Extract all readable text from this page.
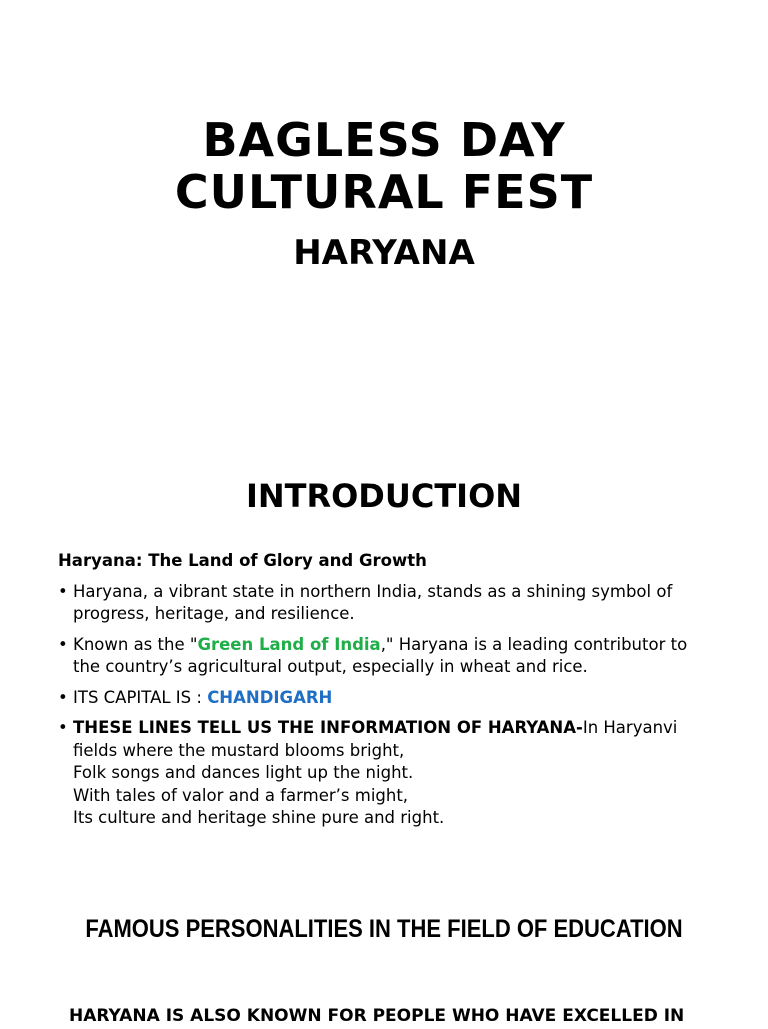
BAGLESS DAY
CULTURAL FEST
HARYANA
INTRODUCTION

Haryana: The Land of Glory and Growth

• Haryana, a vibrant state in northern India, stands as a shining symbol of progress, heritage, and resilience.
• Known as the "Green Land of India," Haryana is a leading contributor to the country’s agricultural output, especially in wheat and rice.
• ITS CAPITAL IS : CHANDIGARH
• THESE LINES TELL US THE INFORMATION OF HARYANA-In Haryanvi fields where the mustard blooms bright,
Folk songs and dances light up the night.
With tales of valor and a farmer’s might,
Its culture and heritage shine pure and right.
FAMOUS PERSONALITIES IN THE FIELD OF EDUCATION

HARYANA IS ALSO KNOWN FOR PEOPLE WHO HAVE EXCELLED IN
